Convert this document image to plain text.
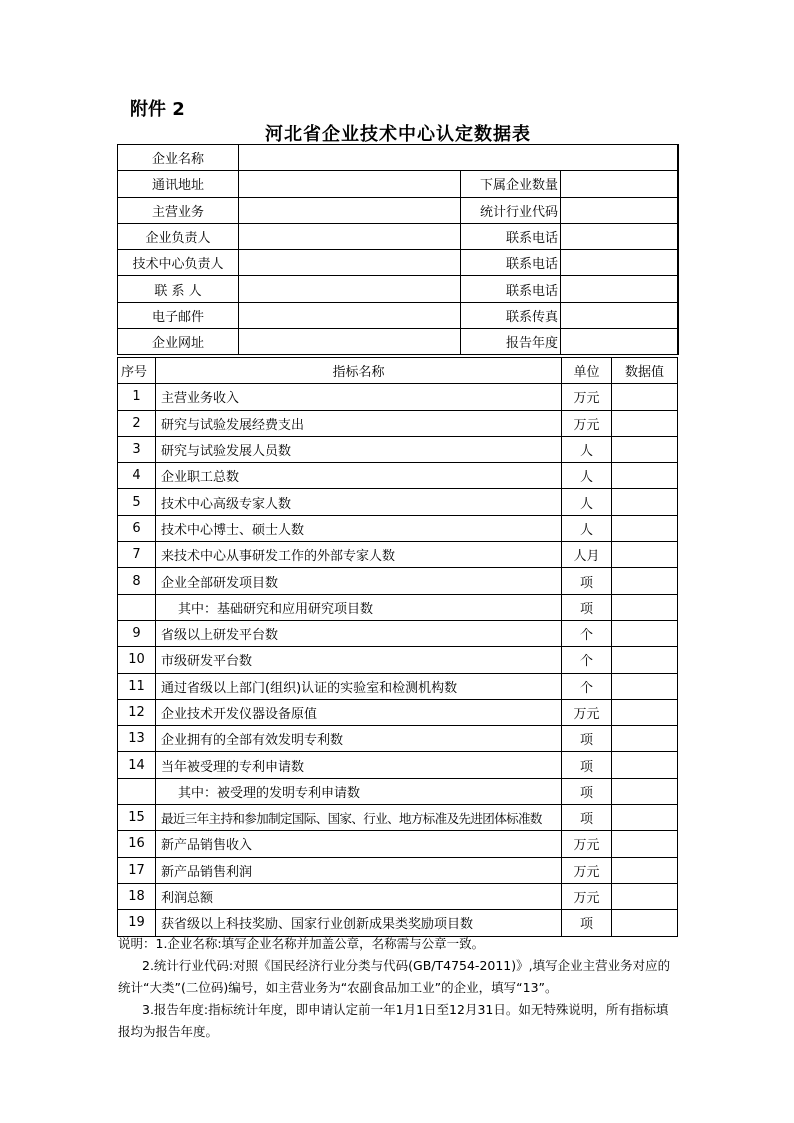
附件 2
河北省企业技术中心认定数据表
企业名称			
通讯地址		下属企业数量	
主营业务		统计行业代码	
企业负责人		联系电话	
技术中心负责人		联系电话	
联 系 人		联系电话	
电子邮件		联系传真	
企业网址		报告年度	
序号	指标名称	单位	数据值
1	主营业务收入	万元	
2	研究与试验发展经费支出	万元	
3	研究与试验发展人员数	人	
4	企业职工总数	人	
5	技术中心高级专家人数	人	
6	技术中心博士、硕士人数	人	
7	来技术中心从事研发工作的外部专家人数	人月	
8	企业全部研发项目数	项	
	其中：基础研究和应用研究项目数	项	
9	省级以上研发平台数	个	
10	市级研发平台数	个	
11	通过省级以上部门(组织)认证的实验室和检测机构数	个	
12	企业技术开发仪器设备原值	万元	
13	企业拥有的全部有效发明专利数	项	
14	当年被受理的专利申请数	项	
	其中：被受理的发明专利申请数	项	
15	最近三年主持和参加制定国际、国家、行业、地方标准及先进团体标准数	项	
16	新产品销售收入	万元	
17	新产品销售利润	万元	
18	利润总额	万元	
19	获省级以上科技奖励、国家行业创新成果类奖励项目数	项	

说明：1.企业名称:填写企业名称并加盖公章，名称需与公章一致。

2.统计行业代码:对照《国民经济行业分类与代码(GB/T4754-2011)》,填写企业主营业务对应的统计“大类”(二位码)编号，如主营业务为“农副食品加工业”的企业，填写“13”。

3.报告年度:指标统计年度，即申请认定前一年1月1日至12月31日。如无特殊说明，所有指标填报均为报告年度。
